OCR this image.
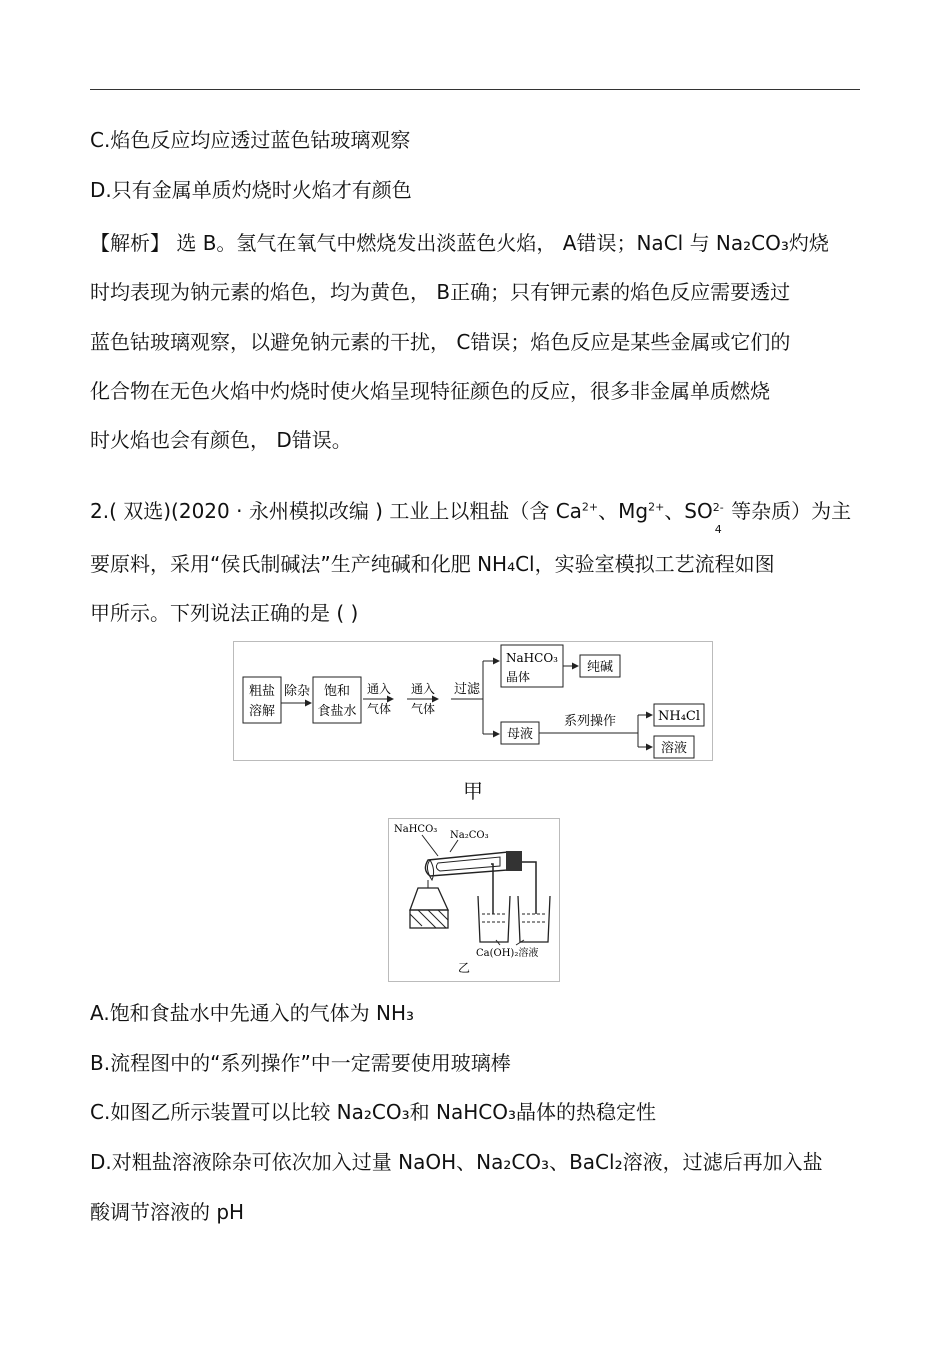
C.焰色反应均应透过蓝色钴玻璃观察
D.只有金属单质灼烧时火焰才有颜色
【解析】 选 B。氢气在氧气中燃烧发出淡蓝色火焰， A错误；NaCl 与 Na₂CO₃灼烧
时均表现为钠元素的焰色，均为黄色， B正确；只有钾元素的焰色反应需要透过
蓝色钴玻璃观察，以避免钠元素的干扰， C错误；焰色反应是某些金属或它们的
化合物在无色火焰中灼烧时使火焰呈现特征颜色的反应，很多非金属单质燃烧
时火焰也会有颜色， D错误。
2.( 双选)(2020 · 永州模拟改编 ) 工业上以粗盐（含 $Ca^{2+}$、$Mg^{2+}$、SO 2-
4
等杂质）为主
要原料，采用“侯氏制碱法”生产纯碱和化肥 NH₄Cl，实验室模拟工艺流程如图
甲所示。下列说法正确的是 ( )
粗盐
溶解
除杂 饱和
食盐水
通入
气体
通入
气体
过滤
NaHCO₃
晶体
纯碱
母液
系列操作	NH₄Cl
溶液
甲
NaHCO₃
Na₂CO₃
Ca(OH)₂溶液
乙
A.饱和食盐水中先通入的气体为 NH₃
B.流程图中的“系列操作”中一定需要使用玻璃棒
C.如图乙所示装置可以比较 Na₂CO₃和 NaHCO₃晶体的热稳定性
D.对粗盐溶液除杂可依次加入过量 NaOH、Na₂CO₃、BaCl₂溶液，过滤后再加入盐
酸调节溶液的 pH
